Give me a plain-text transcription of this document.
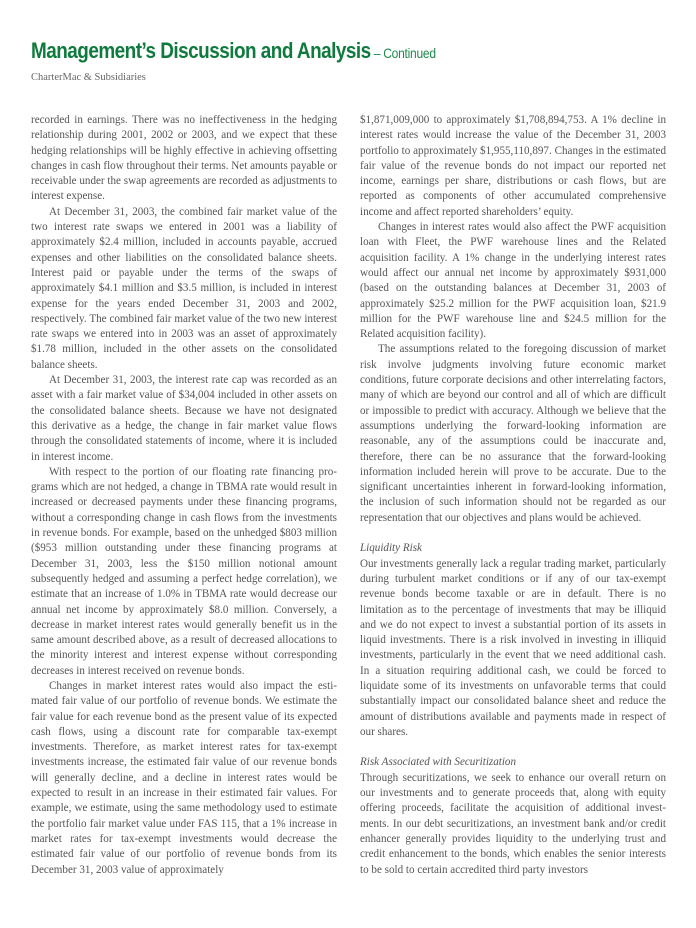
Management’s Discussion and Analysis – Continued
CharterMac & Subsidiaries

recorded in earnings. There was no ineffectiveness in the hedging relationship during 2001, 2002 or 2003, and we expect that these hedging relationships will be highly effective in achieving offsetting changes in cash flow throughout their terms. Net amounts payable or receivable under the swap agreements are recorded as adjustments to interest expense.

At December 31, 2003, the combined fair market value of the two interest rate swaps we entered in 2001 was a liability of approximately $2.4 million, included in accounts payable, accrued expenses and other liabilities on the consolidated balance sheets. Interest paid or payable under the terms of the swaps of approximately $4.1 million and $3.5 million, is included in interest expense for the years ended December 31, 2003 and 2002, respectively. The combined fair market value of the two new interest rate swaps we entered into in 2003 was an asset of approximately $1.78 million, included in the other assets on the consolidated balance sheets.

At December 31, 2003, the interest rate cap was recorded as an asset with a fair market value of $34,004 included in other assets on the consolidated balance sheets. Because we have not designated this derivative as a hedge, the change in fair market value flows through the consolidated statements of income, where it is included in interest income.

With respect to the portion of our floating rate financing programs which are not hedged, a change in TBMA rate would result in increased or decreased payments under these financing programs, without a corresponding change in cash flows from the investments in revenue bonds. For example, based on the unhedged $803 million ($953 million outstanding under these financing programs at December 31, 2003, less the $150 million notional amount subsequently hedged and assuming a perfect hedge correlation), we estimate that an increase of 1.0% in TBMA rate would decrease our annual net income by approximately $8.0 million. Conversely, a decrease in market interest rates would generally benefit us in the same amount described above, as a result of decreased allocations to the minority interest and interest expense without corresponding decreases in interest received on revenue bonds.

Changes in market interest rates would also impact the estimated fair value of our portfolio of revenue bonds. We estimate the fair value for each revenue bond as the present value of its expected cash flows, using a discount rate for comparable tax-exempt investments. Therefore, as market interest rates for tax-exempt investments increase, the estimated fair value of our revenue bonds will generally decline, and a decline in interest rates would be expected to result in an increase in their estimated fair values. For example, we estimate, using the same methodology used to estimate the portfolio fair market value under FAS 115, that a 1% increase in market rates for tax-exempt investments would decrease the estimated fair value of our portfolio of revenue bonds from its December 31, 2003 value of approximately

$1,871,009,000 to approximately $1,708,894,753. A 1% decline in interest rates would increase the value of the December 31, 2003 portfolio to approximately $1,955,110,897. Changes in the estimated fair value of the revenue bonds do not impact our reported net income, earnings per share, distributions or cash flows, but are reported as components of other accumulated comprehensive income and affect reported shareholders’ equity.

Changes in interest rates would also affect the PWF acquisition loan with Fleet, the PWF warehouse lines and the Related acquisition facility. A 1% change in the underlying interest rates would affect our annual net income by approximately $931,000 (based on the outstanding balances at December 31, 2003 of approximately $25.2 million for the PWF acquisition loan, $21.9 million for the PWF warehouse line and $24.5 million for the Related acquisition facility).

The assumptions related to the foregoing discussion of market risk involve judgments involving future economic market conditions, future corporate decisions and other interrelating factors, many of which are beyond our control and all of which are difficult or impossible to predict with accuracy. Although we believe that the assumptions underlying the forward-looking information are reasonable, any of the assumptions could be inaccurate and, therefore, there can be no assurance that the forward-looking information included herein will prove to be accurate. Due to the significant uncertainties inherent in forward-looking information, the inclusion of such information should not be regarded as our representation that our objectives and plans would be achieved.

Liquidity Risk

Our investments generally lack a regular trading market, particularly during turbulent market conditions or if any of our tax-exempt revenue bonds become taxable or are in default. There is no limitation as to the percentage of investments that may be illiquid and we do not expect to invest a substantial portion of its assets in liquid investments. There is a risk involved in investing in illiquid investments, particularly in the event that we need additional cash. In a situation requiring additional cash, we could be forced to liquidate some of its investments on unfavorable terms that could substantially impact our consolidated balance sheet and reduce the amount of distributions available and payments made in respect of our shares.

Risk Associated with Securitization

Through securitizations, we seek to enhance our overall return on our investments and to generate proceeds that, along with equity offering proceeds, facilitate the acquisition of additional investments. In our debt securitizations, an investment bank and/or credit enhancer generally provides liquidity to the underlying trust and credit enhancement to the bonds, which enables the senior interests to be sold to certain accredited third party investors
